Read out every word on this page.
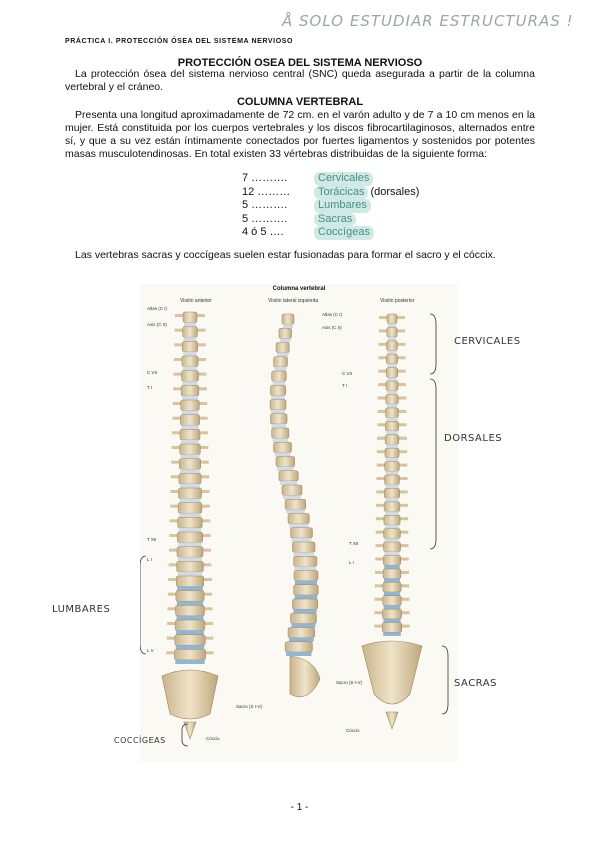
Å SOLO ESTUDIAR ESTRUCTURAS !
PRÁCTICA I. PROTECCIÓN ÓSEA DEL SISTEMA NERVIOSO
PROTECCIÓN OSEA DEL SISTEMA NERVIOSO
La protección ósea del sistema nervioso central (SNC) queda asegurada a partir de la columna vertebral y el cráneo.
COLUMNA VERTEBRAL
Presenta una longitud aproximadamente de 72 cm. en el varón adulto y de 7 a 10 cm menos en la mujer. Está constituida por los cuerpos vertebrales y los discos fibrocartilaginosos, alternados entre sí, y que a su vez están íntimamente conectados por fuertes ligamentos y sostenidos por potentes masas musculotendinosas. En total existen 33 vértebras distribuidas de la siguiente forma:
7 ……….	Cervicales
12 ………	Torácicas (dorsales)
5 ……….	Lumbares
5 ……….	Sacras
4 ó 5 ….	Coccígeas
Las vertebras sacras y coccígeas suelen estar fusionadas para formar el sacro y el cóccix.
Columna vertebral
Visión anterior	Visión lateral izquierda	Visión posterior
Atlas (C I)
Axis (C II)
C VII
T I
T XII
L I
L V
Sacro (S I-V)
Cóccix
Atlas (C I)
Axis (C II)
C VII
T I
T XII
L I
Sacro (S I-V)
Cóccix
CERVICALES
DORSALES
LUMBARES
SACRAS
COCCÍGEAS
- 1 -
